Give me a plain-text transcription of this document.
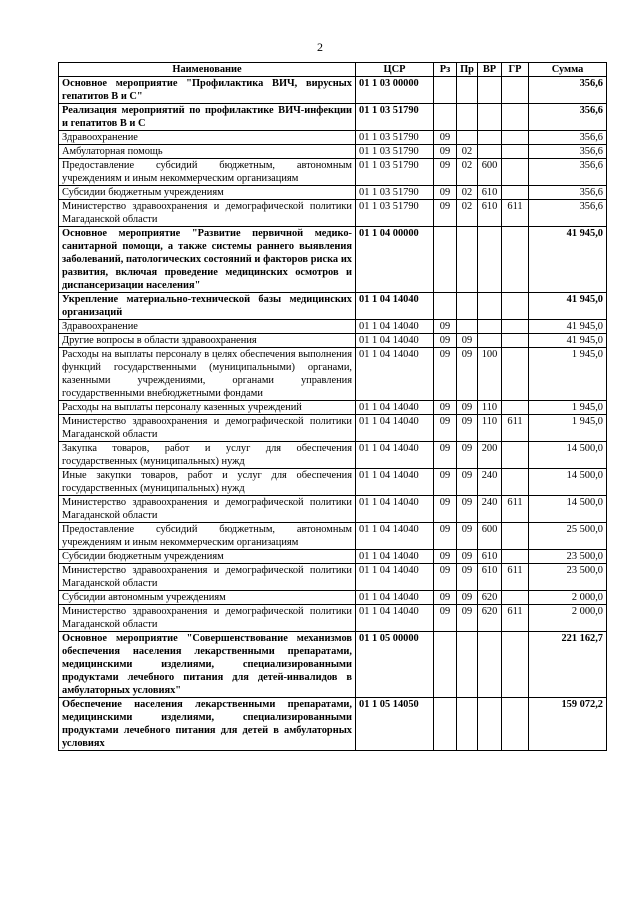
2
Наименование	ЦСР	Рз	Пр	ВР	ГР	Сумма
Основное мероприятие "Профилактика ВИЧ, вирусных гепатитов В и С"	01 1 03 00000					356,6
Реализация мероприятий по профилактике ВИЧ-инфекции и гепатитов В и С	01 1 03 51790					356,6
Здравоохранение	01 1 03 51790	09				356,6
Амбулаторная помощь	01 1 03 51790	09	02			356,6
Предоставление субсидий бюджетным, автономным учреждениям и иным некоммерческим организациям	01 1 03 51790	09	02	600		356,6
Субсидии бюджетным учреждениям	01 1 03 51790	09	02	610		356,6
Министерство здравоохранения и демографической политики Магаданской области	01 1 03 51790	09	02	610	611	356,6
Основное мероприятие "Развитие первичной медико-санитарной помощи, а также системы раннего выявления заболеваний, патологических состояний и факторов риска их развития, включая проведение медицинских осмотров и диспансеризации населения"	01 1 04 00000					41 945,0
Укрепление материально-технической базы медицинских организаций	01 1 04 14040					41 945,0
Здравоохранение	01 1 04 14040	09				41 945,0
Другие вопросы в области здравоохранения	01 1 04 14040	09	09			41 945,0
Расходы на выплаты персоналу в целях обеспечения выполнения функций государственными (муниципальными) органами, казенными учреждениями, органами управления государственными внебюджетными фондами	01 1 04 14040	09	09	100		1 945,0
Расходы на выплаты персоналу казенных учреждений	01 1 04 14040	09	09	110		1 945,0
Министерство здравоохранения и демографической политики Магаданской области	01 1 04 14040	09	09	110	611	1 945,0
Закупка товаров, работ и услуг для обеспечения государственных (муниципальных) нужд	01 1 04 14040	09	09	200		14 500,0
Иные закупки товаров, работ и услуг для обеспечения государственных (муниципальных) нужд	01 1 04 14040	09	09	240		14 500,0
Министерство здравоохранения и демографической политики Магаданской области	01 1 04 14040	09	09	240	611	14 500,0
Предоставление субсидий бюджетным, автономным учреждениям и иным некоммерческим организациям	01 1 04 14040	09	09	600		25 500,0
Субсидии бюджетным учреждениям	01 1 04 14040	09	09	610		23 500,0
Министерство здравоохранения и демографической политики Магаданской области	01 1 04 14040	09	09	610	611	23 500,0
Субсидии автономным учреждениям	01 1 04 14040	09	09	620		2 000,0
Министерство здравоохранения и демографической политики Магаданской области	01 1 04 14040	09	09	620	611	2 000,0
Основное мероприятие "Совершенствование механизмов обеспечения населения лекарственными препаратами, медицинскими изделиями, специализированными продуктами лечебного питания для детей-инвалидов в амбулаторных условиях"	01 1 05 00000					221 162,7
Обеспечение населения лекарственными препаратами, медицинскими изделиями, специализированными продуктами лечебного питания для детей в амбулаторных условиях	01 1 05 14050					159 072,2
